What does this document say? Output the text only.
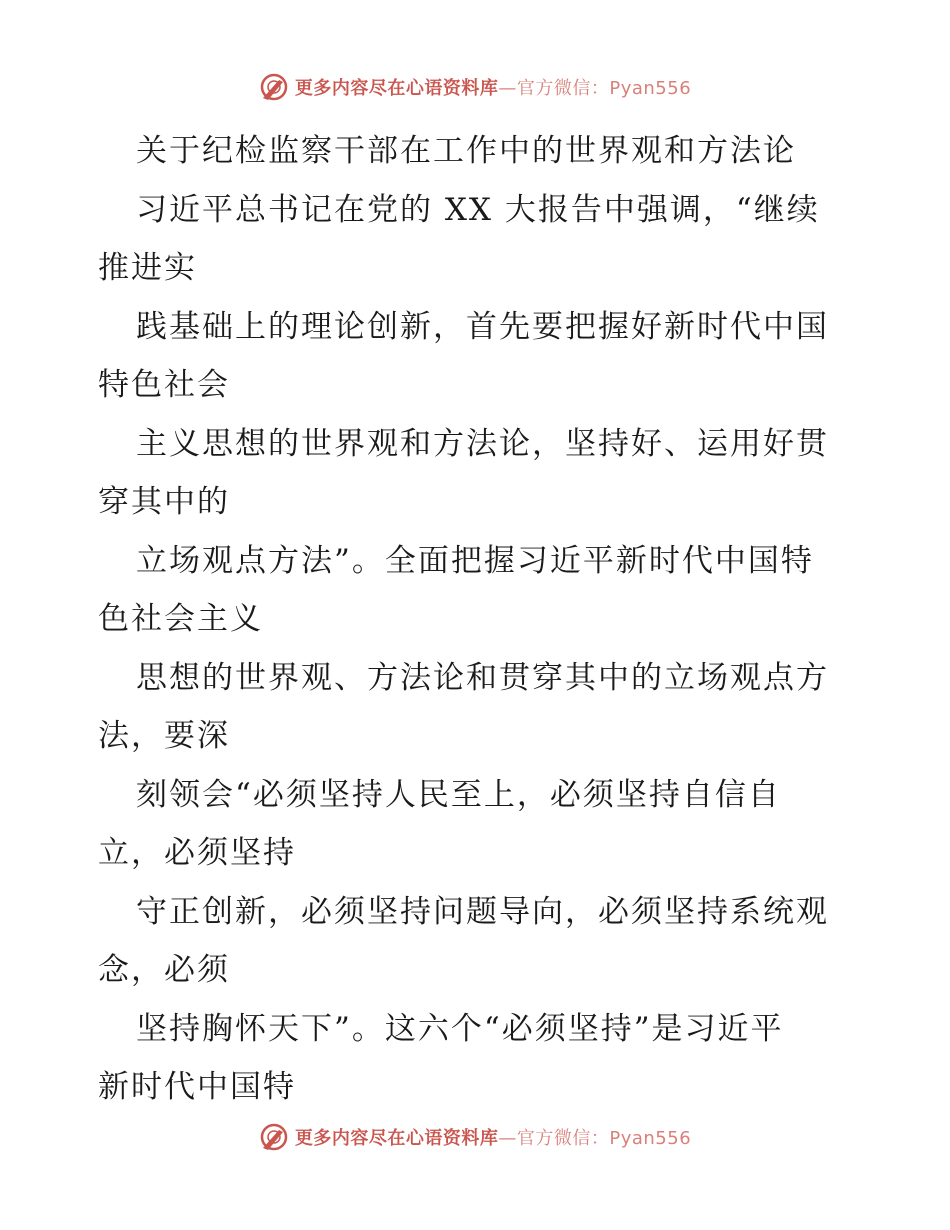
更多内容尽在心语资料库—官方微信：Pyan556
关于纪检监察干部在工作中的世界观和方法论
习近平总书记在党的 XX 大报告中强调，“继续
推进实
践基础上的理论创新，首先要把握好新时代中国
特色社会
主义思想的世界观和方法论，坚持好、运用好贯
穿其中的
立场观点方法”。全面把握习近平新时代中国特
色社会主义
思想的世界观、方法论和贯穿其中的立场观点方
法，要深
刻领会“必须坚持人民至上，必须坚持自信自
立，必须坚持
守正创新，必须坚持问题导向，必须坚持系统观
念，必须
坚持胸怀天下”。这六个“必须坚持”是习近平
新时代中国特
更多内容尽在心语资料库—官方微信：Pyan556
